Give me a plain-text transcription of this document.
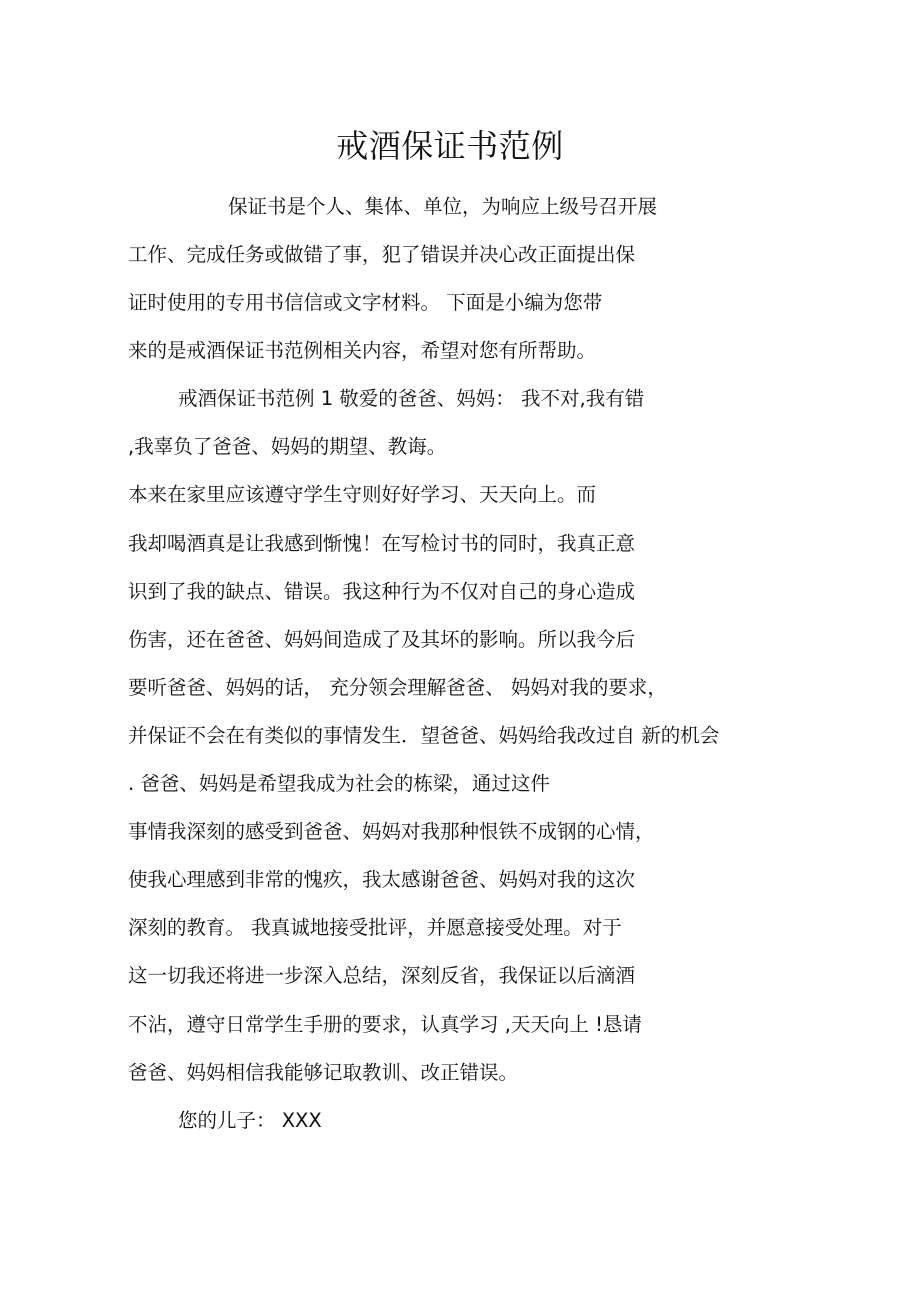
戒酒保证书范例
保证书是个人、集体、单位，为响应上级号召开展
工作、完成任务或做错了事，犯了错误并决心改正面提出保
证时使用的专用书信信或文字材料。 下面是小编为您带
来的是戒酒保证书范例相关内容，希望对您有所帮助。
戒酒保证书范例 1 敬爱的爸爸、妈妈： 我不对,我有错
,我辜负了爸爸、妈妈的期望、教诲。
本来在家里应该遵守学生守则好好学习、天天向上。而
我却喝酒真是让我感到惭愧！在写检讨书的同时，我真正意
识到了我的缺点、错误。我这种行为不仅对自己的身心造成
伤害，还在爸爸、妈妈间造成了及其坏的影响。所以我今后
要听爸爸、妈妈的话， 充分领会理解爸爸、 妈妈对我的要求，
并保证不会在有类似的事情发生．望爸爸、妈妈给我改过自 新的机会
. 爸爸、妈妈是希望我成为社会的栋梁，通过这件
事情我深刻的感受到爸爸、妈妈对我那种恨铁不成钢的心情，
使我心理感到非常的愧疚，我太感谢爸爸、妈妈对我的这次
深刻的教育。 我真诚地接受批评，并愿意接受处理。对于
这一切我还将进一步深入总结，深刻反省，我保证以后滴酒
不沾，遵守日常学生手册的要求，认真学习 ,天天向上 !恳请
爸爸、妈妈相信我能够记取教训、改正错误。
您的儿子： XXX
